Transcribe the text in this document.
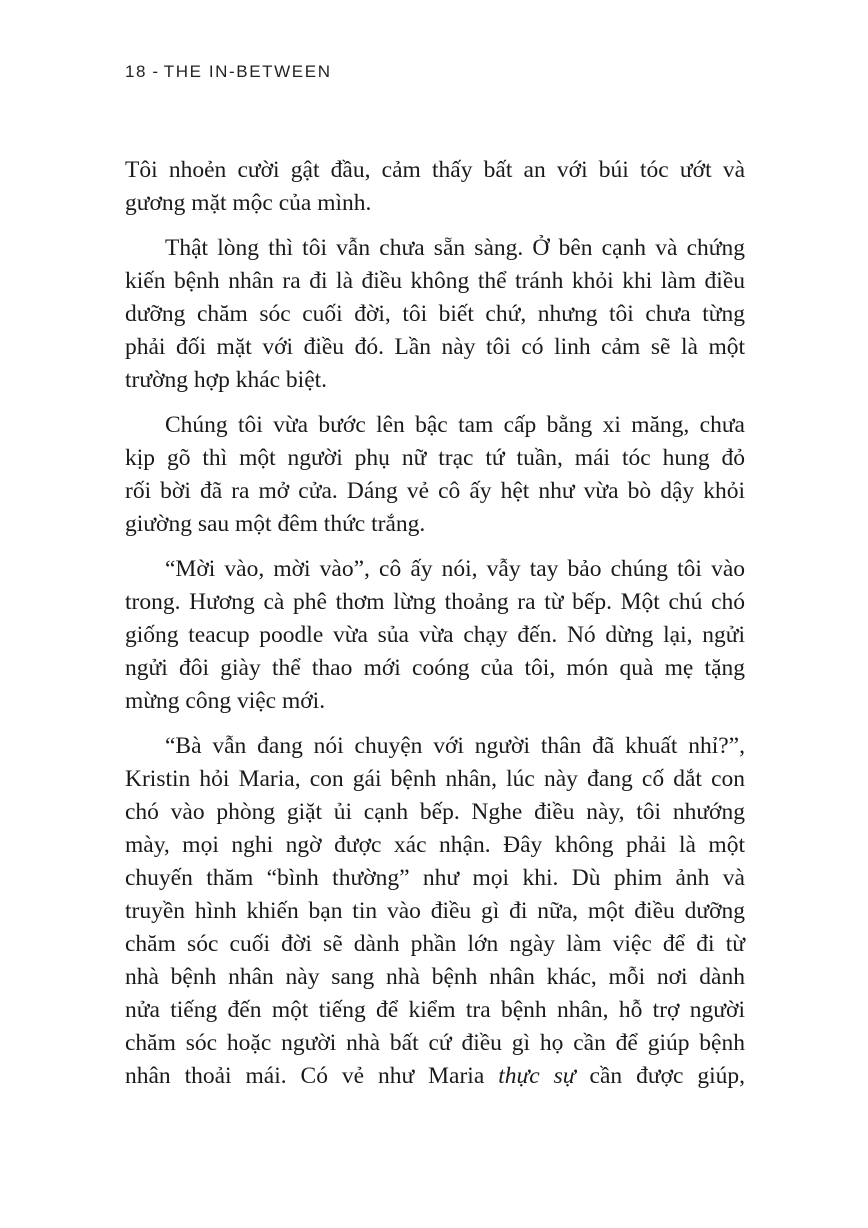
18 - THE IN-BETWEEN

Tôi nhoẻn cười gật đầu, cảm thấy bất an với búi tóc ướt và
gương mặt mộc của mình.

Thật lòng thì tôi vẫn chưa sẵn sàng. Ở bên cạnh và chứng
kiến bệnh nhân ra đi là điều không thể tránh khỏi khi làm điều
dưỡng chăm sóc cuối đời, tôi biết chứ, nhưng tôi chưa từng
phải đối mặt với điều đó. Lần này tôi có linh cảm sẽ là một
trường hợp khác biệt.

Chúng tôi vừa bước lên bậc tam cấp bằng xi măng, chưa
kịp gõ thì một người phụ nữ trạc tứ tuần, mái tóc hung đỏ
rối bời đã ra mở cửa. Dáng vẻ cô ấy hệt như vừa bò dậy khỏi
giường sau một đêm thức trắng.

“Mời vào, mời vào”, cô ấy nói, vẫy tay bảo chúng tôi vào
trong. Hương cà phê thơm lừng thoảng ra từ bếp. Một chú chó
giống teacup poodle vừa sủa vừa chạy đến. Nó dừng lại, ngửi
ngửi đôi giày thể thao mới coóng của tôi, món quà mẹ tặng
mừng công việc mới.

“Bà vẫn đang nói chuyện với người thân đã khuất nhỉ?”,
Kristin hỏi Maria, con gái bệnh nhân, lúc này đang cố dắt con
chó vào phòng giặt ủi cạnh bếp. Nghe điều này, tôi nhướng
mày, mọi nghi ngờ được xác nhận. Đây không phải là một
chuyến thăm “bình thường” như mọi khi. Dù phim ảnh và
truyền hình khiến bạn tin vào điều gì đi nữa, một điều dưỡng
chăm sóc cuối đời sẽ dành phần lớn ngày làm việc để đi từ
nhà bệnh nhân này sang nhà bệnh nhân khác, mỗi nơi dành
nửa tiếng đến một tiếng để kiểm tra bệnh nhân, hỗ trợ người
chăm sóc hoặc người nhà bất cứ điều gì họ cần để giúp bệnh
nhân thoải mái. Có vẻ như Maria thực sự cần được giúp,
